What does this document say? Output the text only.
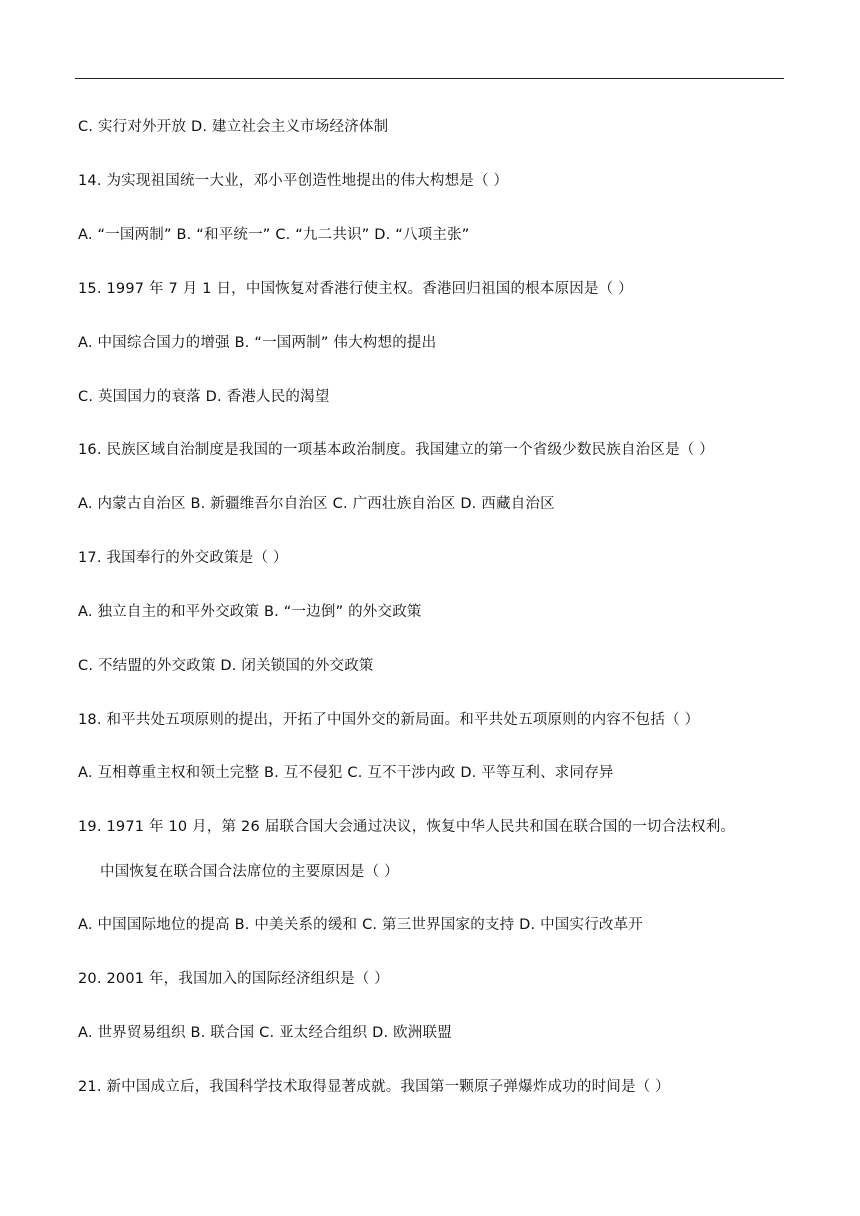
C. 实行对外开放 D. 建立社会主义市场经济体制
14. 为实现祖国统一大业，邓小平创造性地提出的伟大构想是（ ）
A. “一国两制” B. “和平统一” C. “九二共识” D. “八项主张”
15. 1997 年 7 月 1 日，中国恢复对香港行使主权。香港回归祖国的根本原因是（ ）
A. 中国综合国力的增强 B. “一国两制” 伟大构想的提出
C. 英国国力的衰落 D. 香港人民的渴望
16. 民族区域自治制度是我国的一项基本政治制度。我国建立的第一个省级少数民族自治区是（ ）
A. 内蒙古自治区 B. 新疆维吾尔自治区 C. 广西壮族自治区 D. 西藏自治区
17. 我国奉行的外交政策是（ ）
A. 独立自主的和平外交政策 B. “一边倒” 的外交政策
C. 不结盟的外交政策 D. 闭关锁国的外交政策
18. 和平共处五项原则的提出，开拓了中国外交的新局面。和平共处五项原则的内容不包括（ ）
A. 互相尊重主权和领土完整 B. 互不侵犯 C. 互不干涉内政 D. 平等互利、求同存异
19. 1971 年 10 月，第 26 届联合国大会通过决议，恢复中华人民共和国在联合国的一切合法权利。
中国恢复在联合国合法席位的主要原因是（ ）
A. 中国国际地位的提高 B. 中美关系的缓和 C. 第三世界国家的支持 D. 中国实行改革开
20. 2001 年，我国加入的国际经济组织是（ ）
A. 世界贸易组织 B. 联合国 C. 亚太经合组织 D. 欧洲联盟
21. 新中国成立后，我国科学技术取得显著成就。我国第一颗原子弹爆炸成功的时间是（ ）
